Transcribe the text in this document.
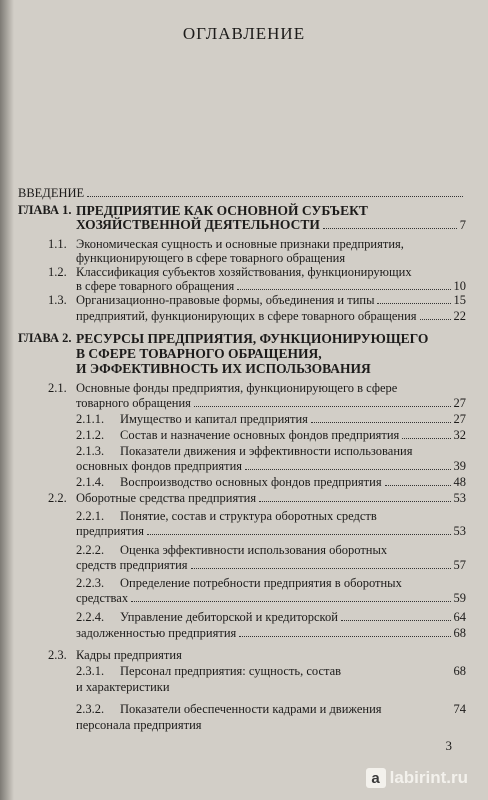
ОГЛАВЛЕНИЕ
ВВЕДЕНИЕ
ГЛАВА 1. ПРЕДПРИЯТИЕ КАК ОСНОВНОЙ СУБЪЕКТ
ХОЗЯЙСТВЕННОЙ ДЕЯТЕЛЬНОСТИ	7
1.1. Экономическая сущность и основные признаки предприятия,
функционирующего в сфере товарного обращения
1.2. Классификация субъектов хозяйствования, функционирующих
в сфере товарного обращения	10
1.3. Организационно-правовые формы, объединения и типы	15
предприятий, функционирующих в сфере товарного обращения	22
ГЛАВА 2. РЕСУРСЫ ПРЕДПРИЯТИЯ, ФУНКЦИОНИРУЮЩЕГО
В СФЕРЕ ТОВАРНОГО ОБРАЩЕНИЯ,
И ЭФФЕКТИВНОСТЬ ИХ ИСПОЛЬЗОВАНИЯ
2.1. Основные фонды предприятия, функционирующего в сфере
товарного обращения	27
2.1.1. Имущество и капитал предприятия	27
2.1.2. Состав и назначение основных фондов предприятия	32
2.1.3. Показатели движения и эффективности использования
основных фондов предприятия	39
2.1.4. Воспроизводство основных фондов предприятия	48
2.2. Оборотные средства предприятия	53
2.2.1. Понятие, состав и структура оборотных средств
предприятия	53
2.2.2. Оценка эффективности использования оборотных
средств предприятия	57
2.2.3. Определение потребности предприятия в оборотных
средствах	59
2.2.4. Управление дебиторской и кредиторской	64
задолженностью предприятия	68
2.3. Кадры предприятия
2.3.1. Персонал предприятия: сущность, состав	68
и характеристики
2.3.2. Показатели обеспеченности кадрами и движения	74
персонала предприятия
3
a labirint.ru
